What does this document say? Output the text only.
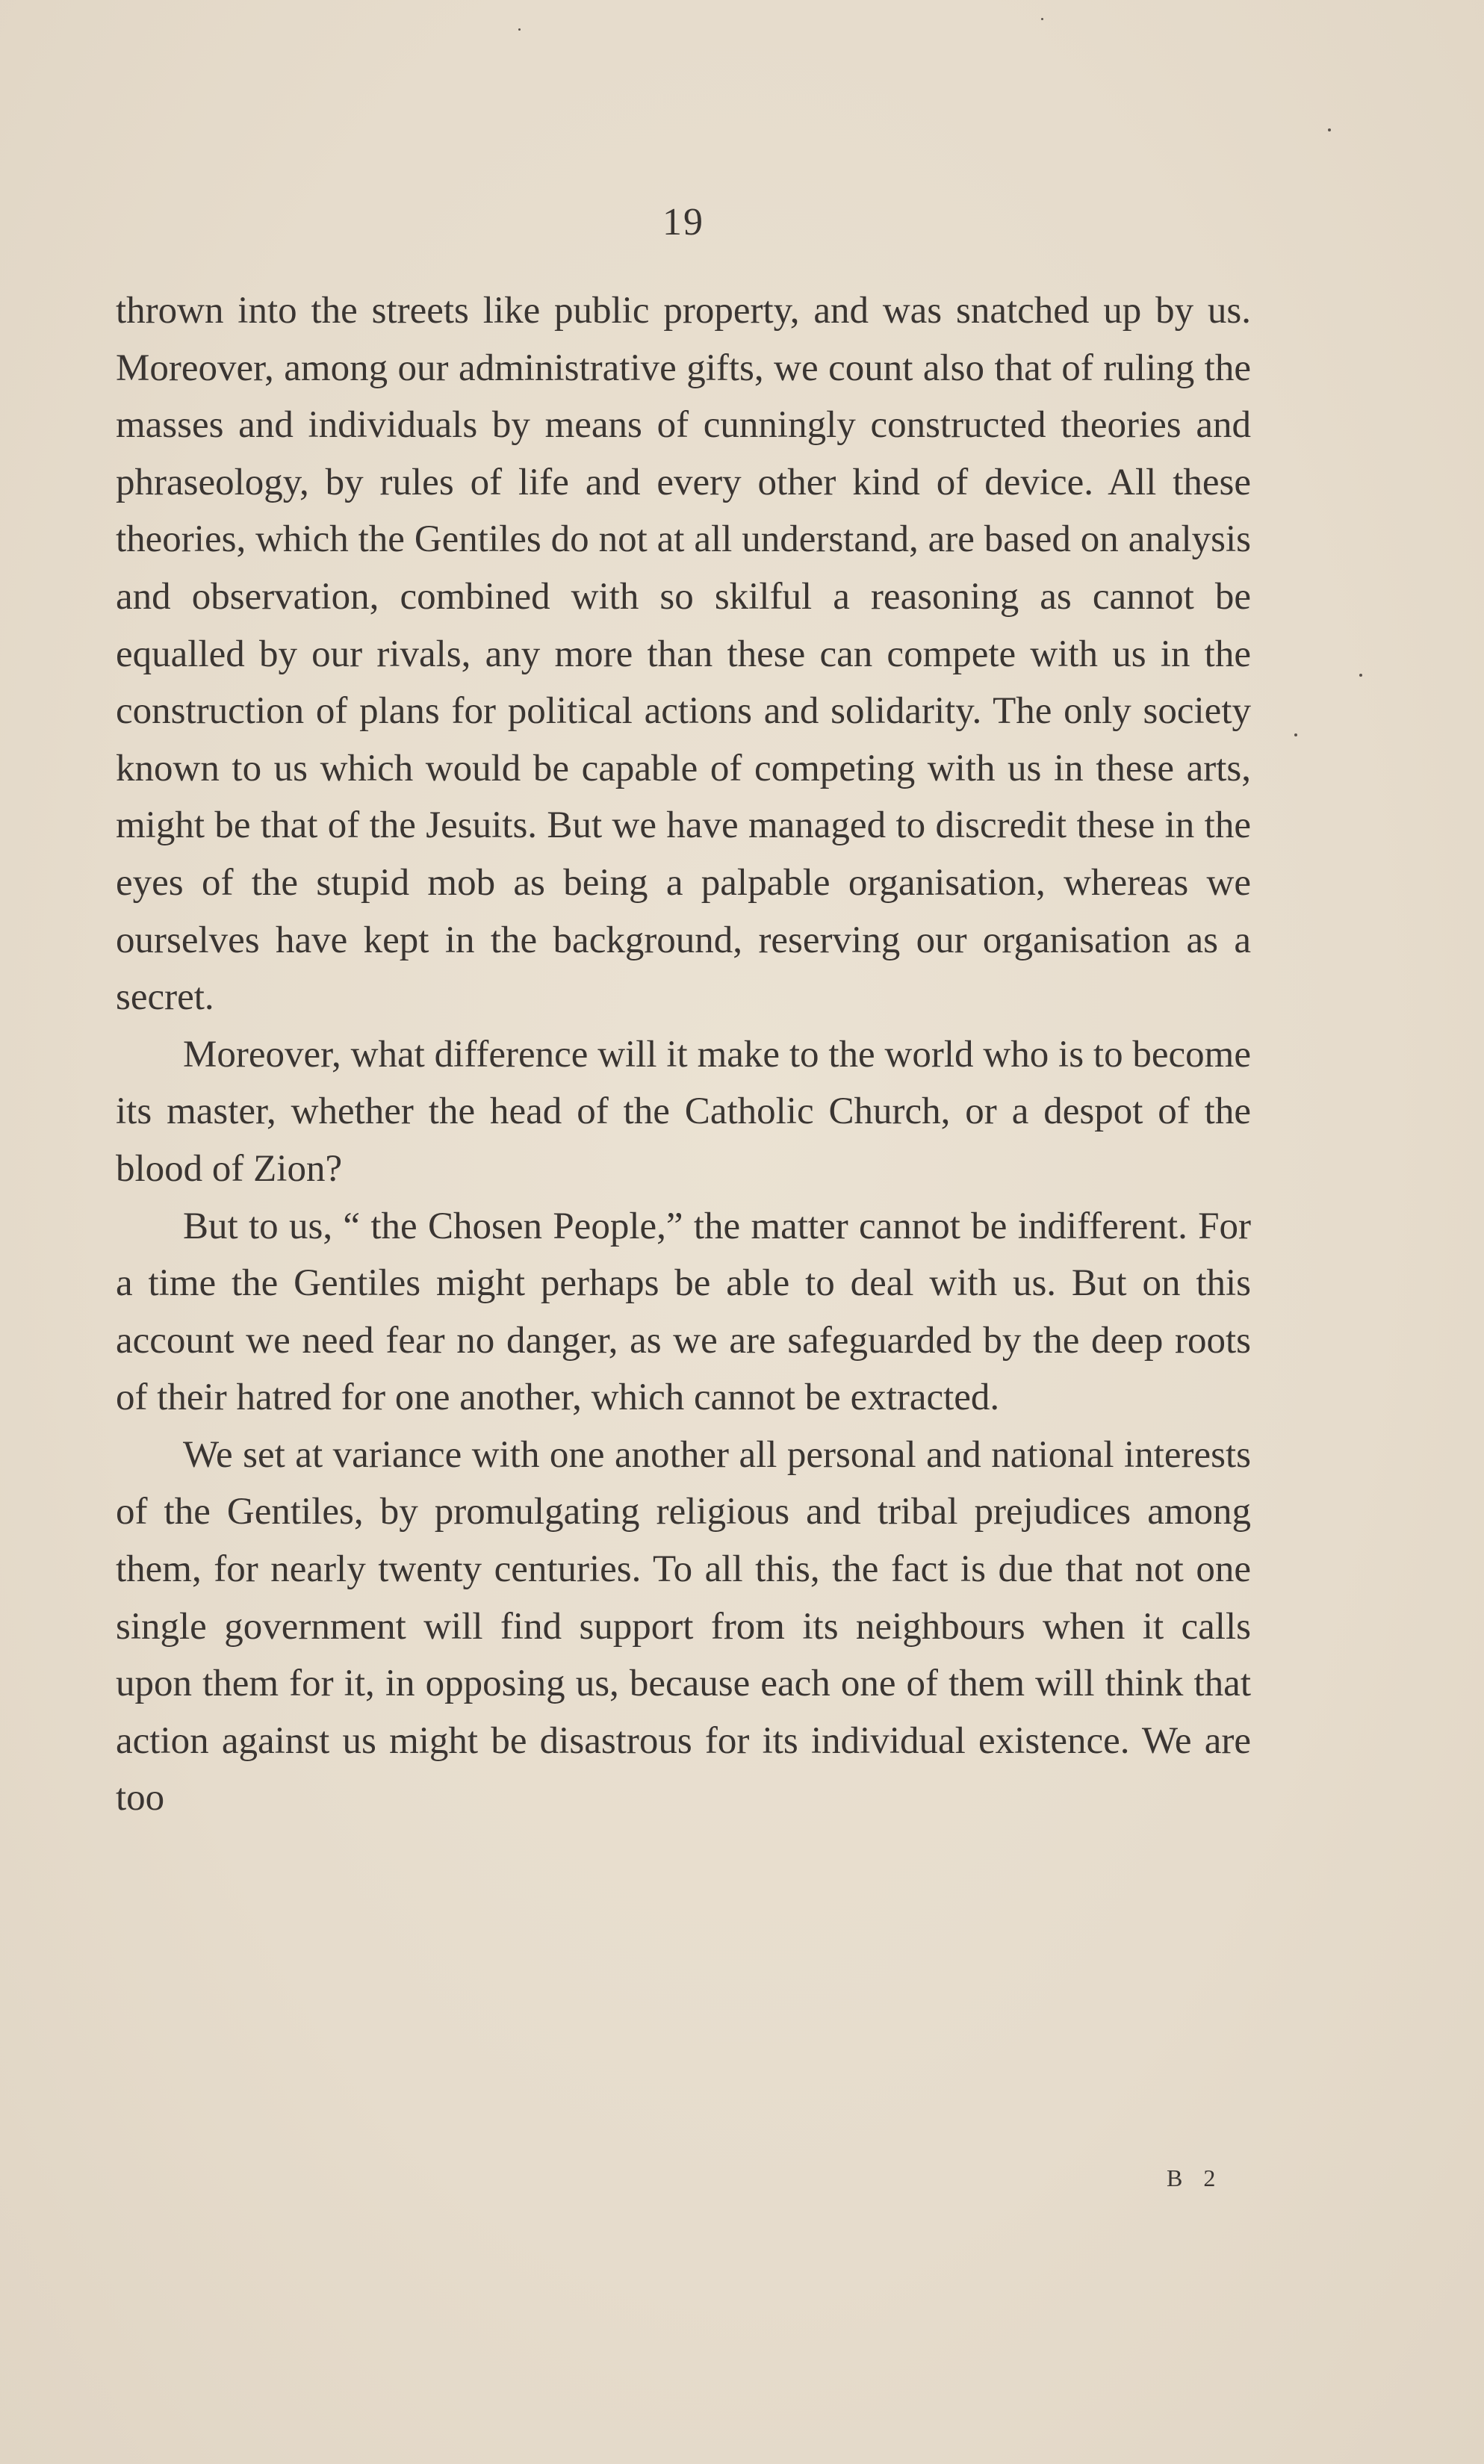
19

thrown into the streets like public property, and was snatched up by us. Moreover, among our administrative gifts, we count also that of ruling the masses and individuals by means of cunningly constructed theories and phraseology, by rules of life and every other kind of device. All these theories, which the Gentiles do not at all understand, are based on analysis and observation, combined with so skilful a reasoning as cannot be equalled by our rivals, any more than these can compete with us in the construction of plans for political actions and solidarity. The only society known to us which would be capable of competing with us in these arts, might be that of the Jesuits. But we have managed to discredit these in the eyes of the stupid mob as being a palpable organisation, whereas we ourselves have kept in the background, reserving our organisation as a secret.

Moreover, what difference will it make to the world who is to become its master, whether the head of the Catholic Church, or a despot of the blood of Zion?

But to us, “ the Chosen People,” the matter cannot be indifferent. For a time the Gentiles might perhaps be able to deal with us. But on this account we need fear no danger, as we are safeguarded by the deep roots of their hatred for one another, which cannot be extracted.

We set at variance with one another all personal and national interests of the Gentiles, by promulgating religious and tribal prejudices among them, for nearly twenty centuries. To all this, the fact is due that not one single government will find support from its neighbours when it calls upon them for it, in opposing us, because each one of them will think that action against us might be disastrous for its individual existence. We are too

B 2
